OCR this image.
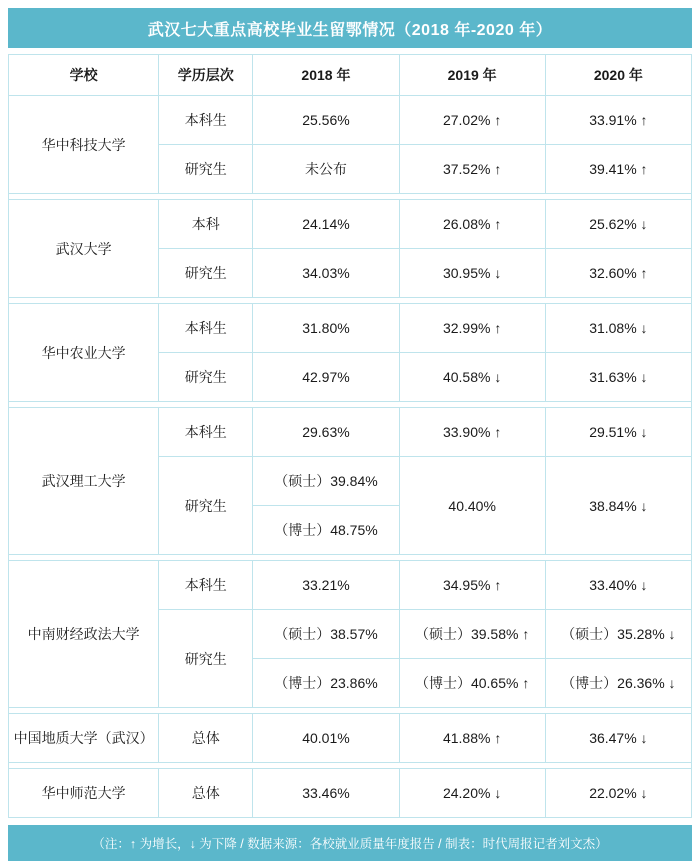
武汉七大重点高校毕业生留鄂情况（2018 年-2020 年）
学校	学历层次	2018 年	2019 年	2020 年
华中科技大学	本科生	25.56%	27.02% ↑	33.91% ↑
	研究生	未公布	37.52% ↑	39.41% ↑

武汉大学	本科	24.14%	26.08% ↑	25.62% ↓
	研究生	34.03%	30.95% ↓	32.60% ↑

华中农业大学	本科生	31.80%	32.99% ↑	31.08% ↓
	研究生	42.97%	40.58% ↓	31.63% ↓

武汉理工大学	本科生	29.63%	33.90% ↑	29.51% ↓
	研究生	（硕士）39.84%	40.40%	38.84% ↓
		（博士）48.75%		

中南财经政法大学	本科生	33.21%	34.95% ↑	33.40% ↓
	研究生	（硕士）38.57%	（硕士）39.58% ↑	（硕士）35.28% ↓
		（博士）23.86%	（博士）40.65% ↑	（博士）26.36% ↓

中国地质大学（武汉）	总体	40.01%	41.88% ↑	36.47% ↓

华中师范大学	总体	33.46%	24.20% ↓	22.02% ↓
（注：↑ 为增长，↓ 为下降 / 数据来源：各校就业质量年度报告 / 制表：时代周报记者刘文杰）
